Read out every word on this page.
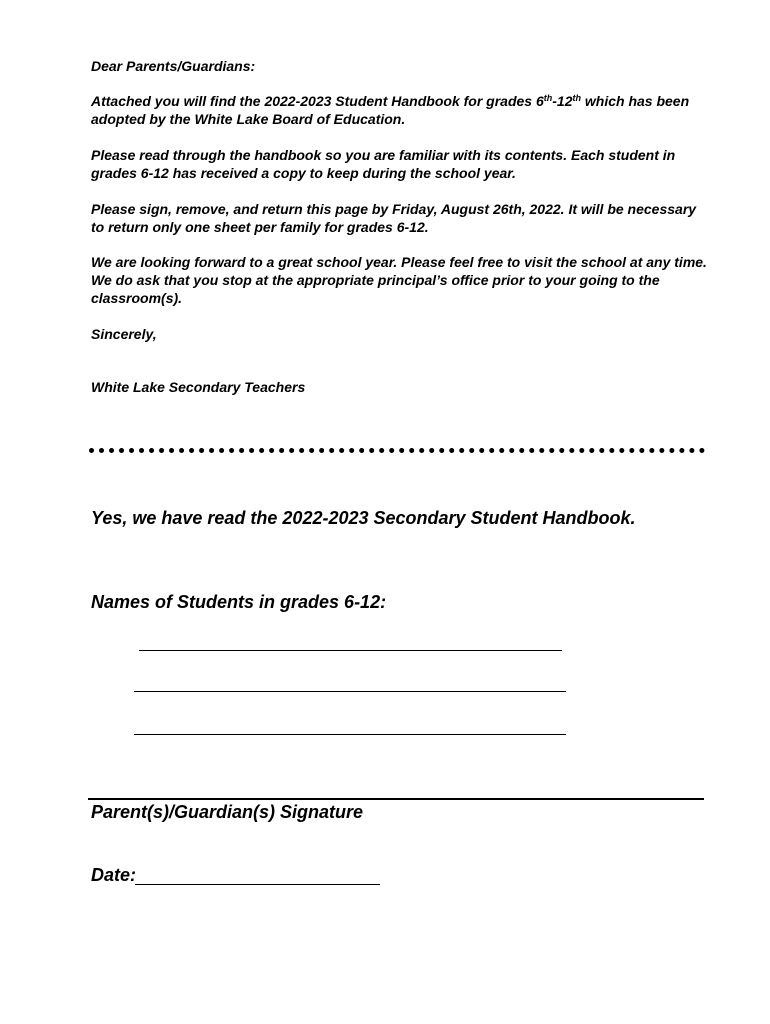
Dear Parents/Guardians:

Attached you will find the 2022-2023 Student Handbook for grades 6th-12th which has been adopted by the White Lake Board of Education.

Please read through the handbook so you are familiar with its contents. Each student in grades 6-12 has received a copy to keep during the school year.

Please sign, remove, and return this page by Friday, August 26th, 2022. It will be necessary to return only one sheet per family for grades 6-12.

We are looking forward to a great school year. Please feel free to visit the school at any time. We do ask that you stop at the appropriate principal’s office prior to your going to the classroom(s).

Sincerely,

White Lake Secondary Teachers

Yes, we have read the 2022-2023 Secondary Student Handbook.

Names of Students in grades 6-12:

Parent(s)/Guardian(s) Signature

Date:
